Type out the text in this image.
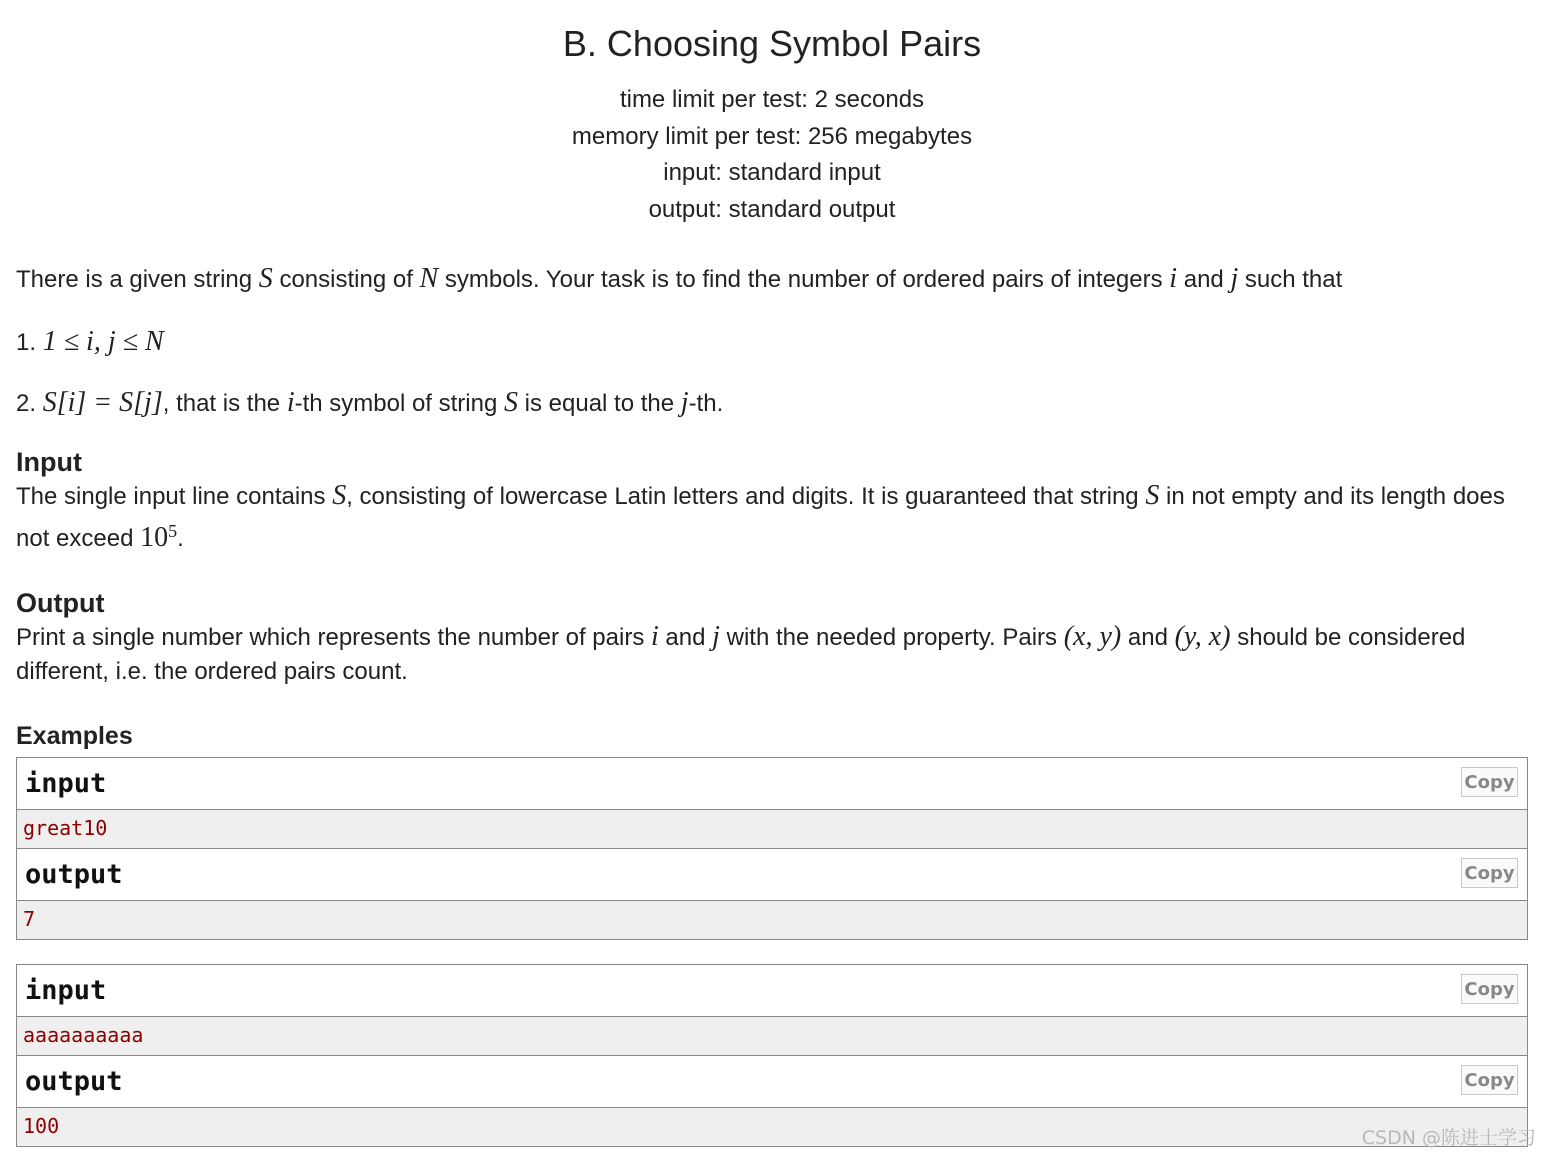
B. Choosing Symbol Pairs
time limit per test: 2 seconds
memory limit per test: 256 megabytes
input: standard input
output: standard output
There is a given string S consisting of N symbols. Your task is to find the number of ordered pairs of integers i and j such that
1. 1 ≤ i, j ≤ N
2. S[i] = S[j], that is the i-th symbol of string S is equal to the j-th.
Input
The single input line contains S, consisting of lowercase Latin letters and digits. It is guaranteed that string S in not empty and its length does not exceed $10^5$.
Output
Print a single number which represents the number of pairs i and j with the needed property. Pairs (x, y) and (y, x) should be considered different, i.e. the ordered pairs count.
Examples
input	Copy
great10
output	Copy
7
input	Copy
aaaaaaaaaa
output	Copy
100	CSDN @陈进士学习
